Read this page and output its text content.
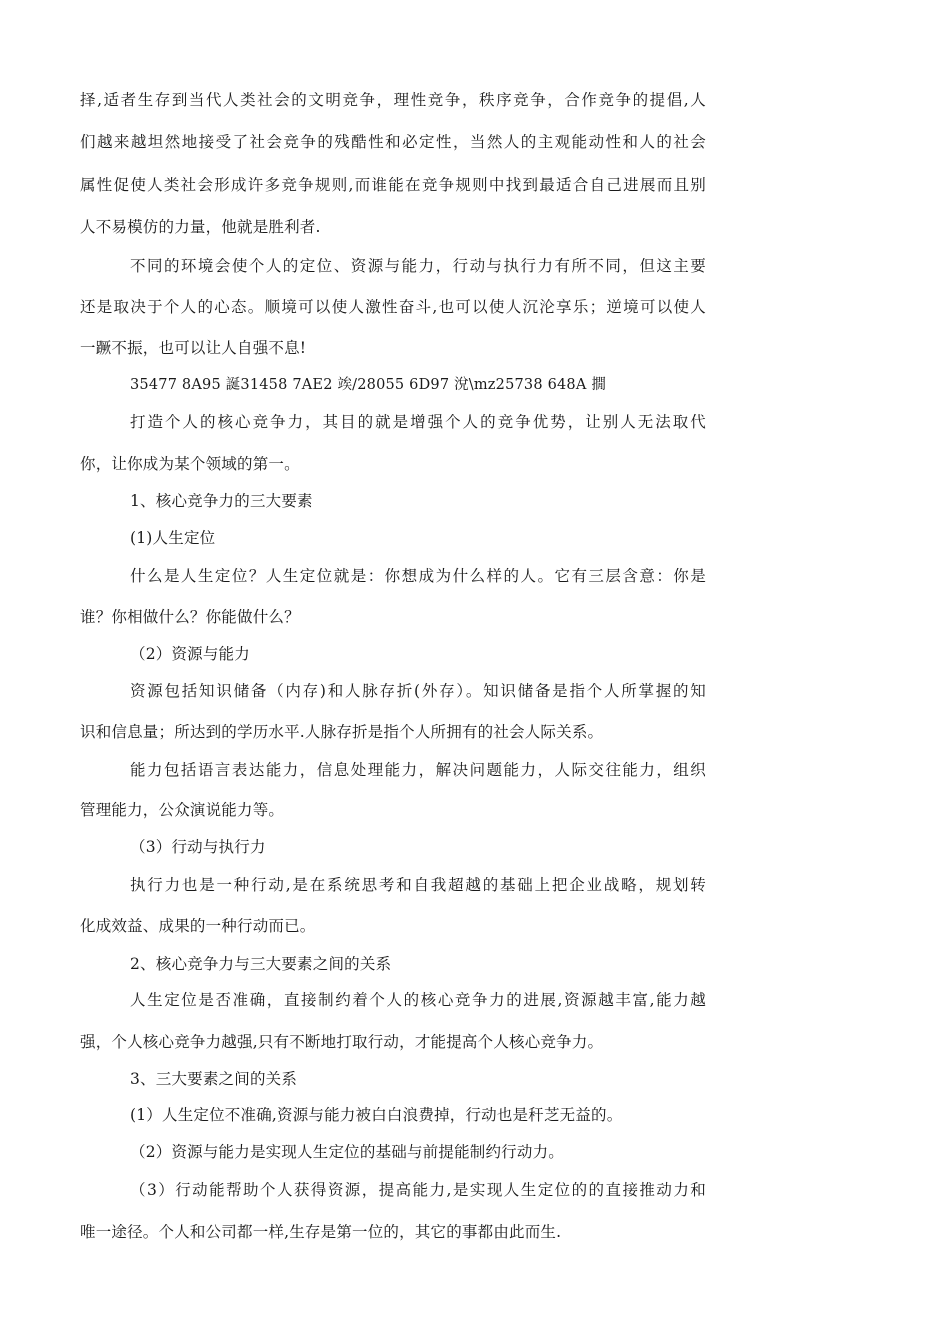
择,适者生存到当代人类社会的文明竞争，理性竞争，秩序竞争，合作竞争的提倡,人
们越来越坦然地接受了社会竞争的残酷性和必定性，当然人的主观能动性和人的社会
属性促使人类社会形成许多竞争规则,而谁能在竞争规则中找到最适合自己进展而且别
人不易模仿的力量，他就是胜利者.
不同的环境会使个人的定位、资源与能力，行动与执行力有所不同，但这主要
还是取决于个人的心态。顺境可以使人激性奋斗,也可以使人沉沦享乐；逆境可以使人
一蹶不振，也可以让人自强不息!
35477 8A95 誕31458 7AE2 竢/28055 6D97 涗\mz25738 648A 撊
打造个人的核心竞争力，其目的就是增强个人的竞争优势，让别人无法取代
你，让你成为某个领域的第一。
1、核心竞争力的三大要素
(1)人生定位
什么是人生定位？人生定位就是：你想成为什么样的人。它有三层含意：你是
谁？你相做什么？你能做什么？
（2）资源与能力
资源包括知识储备（内存)和人脉存折(外存）。知识储备是指个人所掌握的知
识和信息量；所达到的学历水平.人脉存折是指个人所拥有的社会人际关系。
能力包括语言表达能力，信息处理能力，解决问题能力，人际交往能力，组织
管理能力，公众演说能力等。
（3）行动与执行力
执行力也是一种行动,是在系统思考和自我超越的基础上把企业战略，规划转
化成效益、成果的一种行动而已。
2、核心竞争力与三大要素之间的关系
人生定位是否准确，直接制约着个人的核心竞争力的进展,资源越丰富,能力越
强，个人核心竞争力越强,只有不断地打取行动，才能提高个人核心竞争力。
3、三大要素之间的关系
(1）人生定位不准确,资源与能力被白白浪费掉，行动也是秆芝无益的。
（2）资源与能力是实现人生定位的基础与前提能制约行动力。
（3）行动能帮助个人获得资源，提高能力,是实现人生定位的的直接推动力和
唯一途径。个人和公司都一样,生存是第一位的，其它的事都由此而生.
